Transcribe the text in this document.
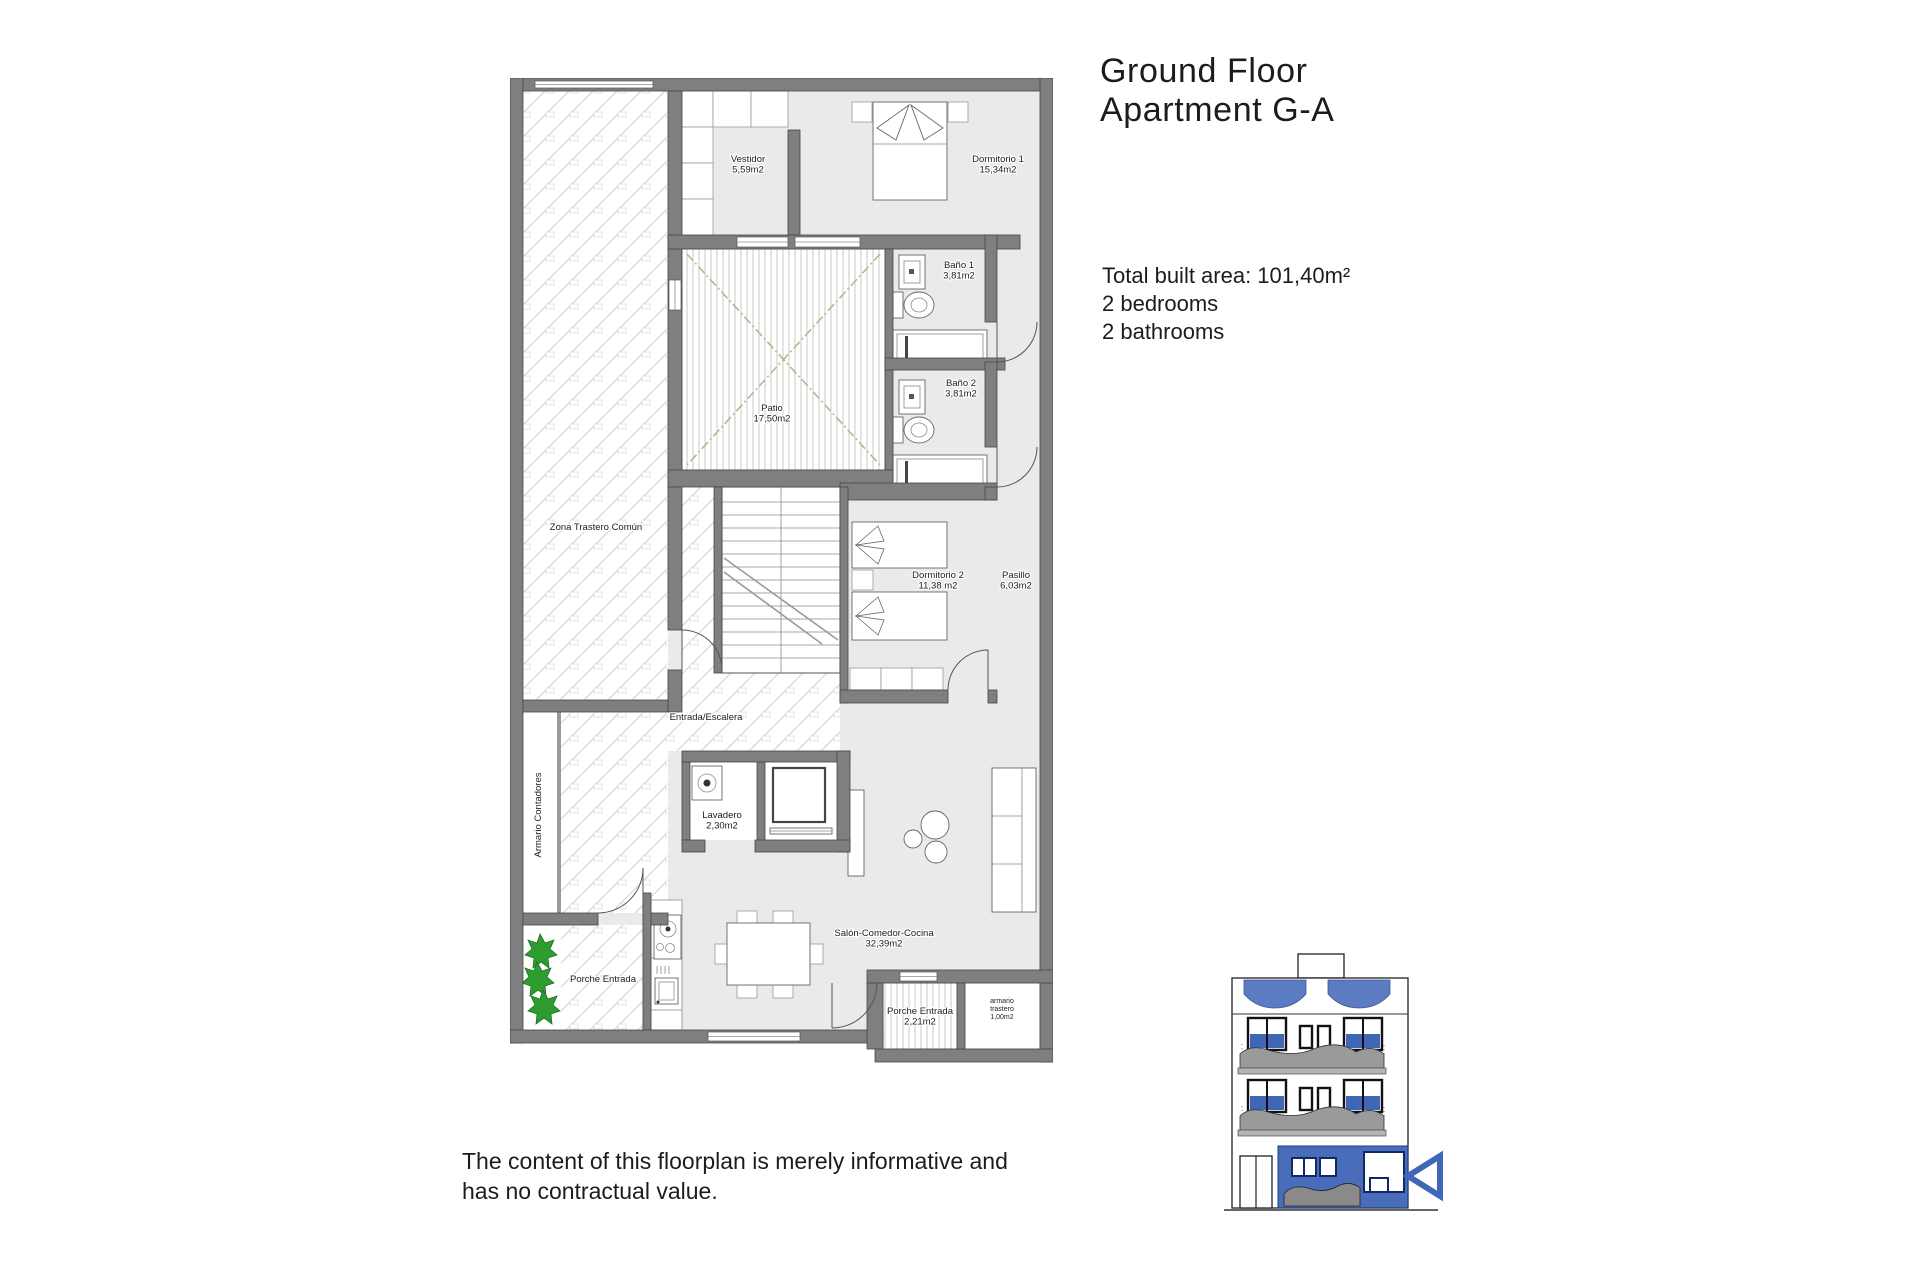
Ground Floor
Apartment G-A
Total built area: 101,40m²
2 bedrooms
2 bathrooms
The content of this floorplan is merely informative and
has no contractual value.
Vestidor 5,59m2
Dormitorio 1 15,34m2
Baño 1 3,81m2
Baño 2 3,81m2
Patio 17,50m2
Zona Trastero Común
Dormitorio 2 11,38 m2
Pasillo 6,03m2
Entrada/Escalera
Armario Contadores	Lavadero 2,30m2
Salón-Comedor-Cocina 32,39m2
Porche Entrada
Porche Entrada 2,21m2
armario trastero 1,00m2
